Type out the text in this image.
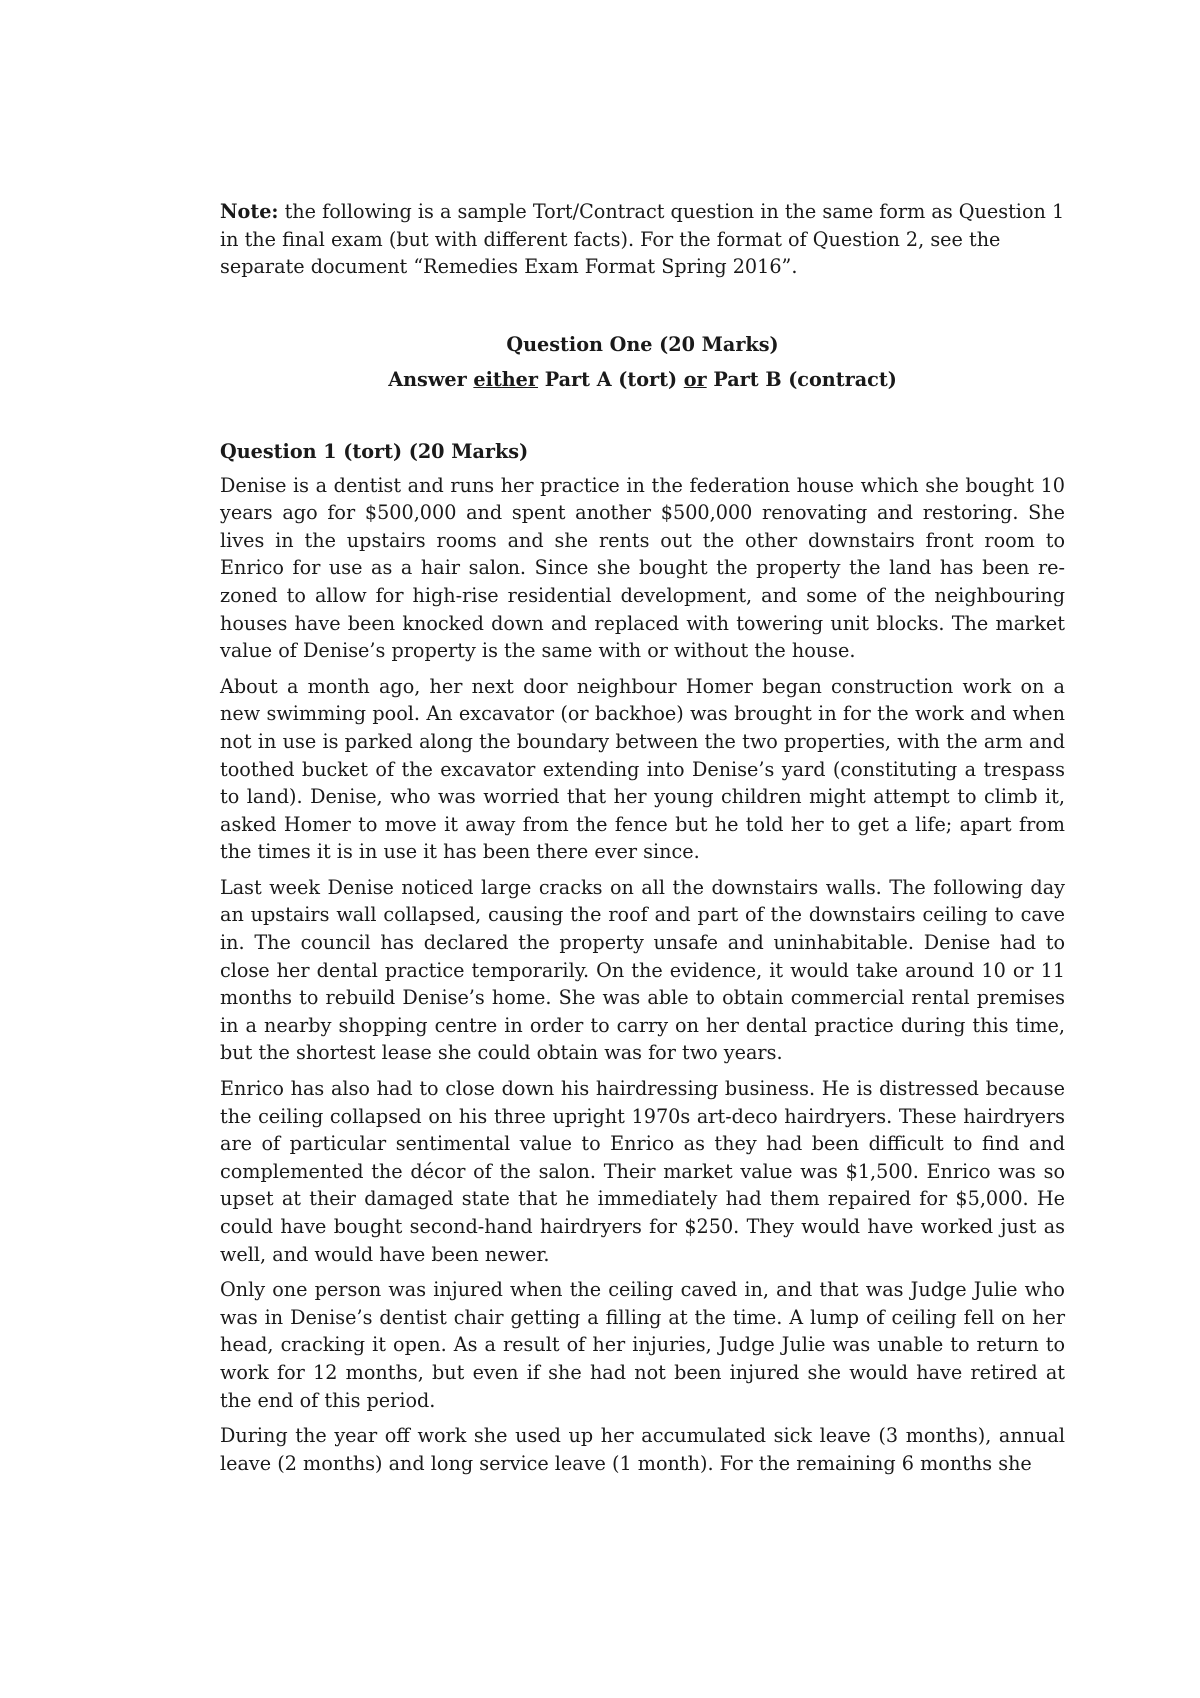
Note: the following is a sample Tort/Contract question in the same form as Question 1 in the final exam (but with different facts). For the format of Question 2, see the separate document “Remedies Exam Format Spring 2016”.

Question One (20 Marks)

Answer either Part A (tort) or Part B (contract)

Question 1 (tort) (20 Marks)

Denise is a dentist and runs her practice in the federation house which she bought 10 years ago for $500,000 and spent another $500,000 renovating and restoring. She lives in the upstairs rooms and she rents out the other downstairs front room to Enrico for use as a hair salon. Since she bought the property the land has been re-zoned to allow for high-rise residential development, and some of the neighbouring houses have been knocked down and replaced with towering unit blocks. The market value of Denise’s property is the same with or without the house.

About a month ago, her next door neighbour Homer began construction work on a new swimming pool. An excavator (or backhoe) was brought in for the work and when not in use is parked along the boundary between the two properties, with the arm and toothed bucket of the excavator extending into Denise’s yard (constituting a trespass to land). Denise, who was worried that her young children might attempt to climb it, asked Homer to move it away from the fence but he told her to get a life; apart from the times it is in use it has been there ever since.

Last week Denise noticed large cracks on all the downstairs walls. The following day an upstairs wall collapsed, causing the roof and part of the downstairs ceiling to cave in. The council has declared the property unsafe and uninhabitable. Denise had to close her dental practice temporarily. On the evidence, it would take around 10 or 11 months to rebuild Denise’s home. She was able to obtain commercial rental premises in a nearby shopping centre in order to carry on her dental practice during this time, but the shortest lease she could obtain was for two years.

Enrico has also had to close down his hairdressing business. He is distressed because the ceiling collapsed on his three upright 1970s art-deco hairdryers. These hairdryers are of particular sentimental value to Enrico as they had been difficult to find and complemented the décor of the salon. Their market value was $1,500. Enrico was so upset at their damaged state that he immediately had them repaired for $5,000. He could have bought second-hand hairdryers for $250. They would have worked just as well, and would have been newer.

Only one person was injured when the ceiling caved in, and that was Judge Julie who was in Denise’s dentist chair getting a filling at the time. A lump of ceiling fell on her head, cracking it open. As a result of her injuries, Judge Julie was unable to return to work for 12 months, but even if she had not been injured she would have retired at the end of this period.

During the year off work she used up her accumulated sick leave (3 months), annual leave (2 months) and long service leave (1 month). For the remaining 6 months she
